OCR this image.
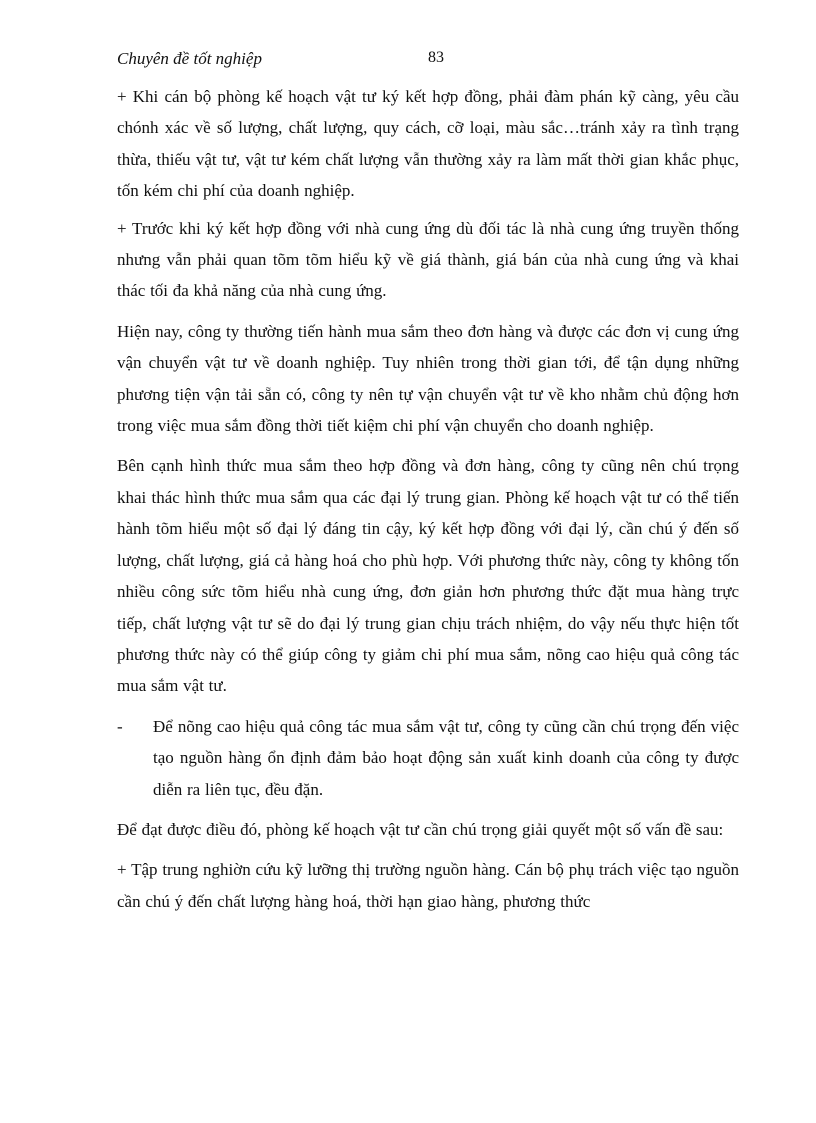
Chuyên đề tốt nghiệp	83

+ Khi cán bộ phòng kế hoạch vật tư ký kết hợp đồng, phải đàm phán kỹ càng, yêu cầu chónh xác về số lượng, chất lượng, quy cách, cỡ loại, màu sắc…tránh xảy ra tình trạng thừa, thiếu vật tư, vật tư kém chất lượng vẫn thường xảy ra làm mất thời gian khắc phục, tốn kém chi phí của doanh nghiệp.

+ Trước khi ký kết hợp đồng với nhà cung ứng dù đối tác là nhà cung ứng truyền thống nhưng vẫn phải quan tõm tõm hiểu kỹ về giá thành, giá bán của nhà cung ứng và khai thác tối đa khả năng của nhà cung ứng.

Hiện nay, công ty thường tiến hành mua sắm theo đơn hàng và được các đơn vị cung ứng vận chuyển vật tư về doanh nghiệp. Tuy nhiên trong thời gian tới, để tận dụng những phương tiện vận tải sẵn có, công ty nên tự vận chuyển vật tư về kho nhằm chủ động hơn trong việc mua sắm đồng thời tiết kiệm chi phí vận chuyển cho doanh nghiệp.

Bên cạnh hình thức mua sắm theo hợp đồng và đơn hàng, công ty cũng nên chú trọng khai thác hình thức mua sắm qua các đại lý trung gian. Phòng kế hoạch vật tư có thể tiến hành tõm hiểu một số đại lý đáng tin cậy, ký kết hợp đồng với đại lý, cần chú ý đến số lượng, chất lượng, giá cả hàng hoá cho phù hợp. Với phương thức này, công ty không tốn nhiều công sức tõm hiểu nhà cung ứng, đơn giản hơn phương thức đặt mua hàng trực tiếp, chất lượng vật tư sẽ do đại lý trung gian chịu trách nhiệm, do vậy nếu thực hiện tốt phương thức này có thể giúp công ty giảm chi phí mua sắm, nõng cao hiệu quả công tác mua sắm vật tư.

- Để nõng cao hiệu quả công tác mua sắm vật tư, công ty cũng cần chú trọng đến việc tạo nguồn hàng ổn định đảm bảo hoạt động sản xuất kinh doanh của công ty được diễn ra liên tục, đều đặn.

Để đạt được điều đó, phòng kế hoạch vật tư cần chú trọng giải quyết một số vấn đề sau:

+ Tập trung nghiờn cứu kỹ lưỡng thị trường nguồn hàng. Cán bộ phụ trách việc tạo nguồn cần chú ý đến chất lượng hàng hoá, thời hạn giao hàng, phương thức
